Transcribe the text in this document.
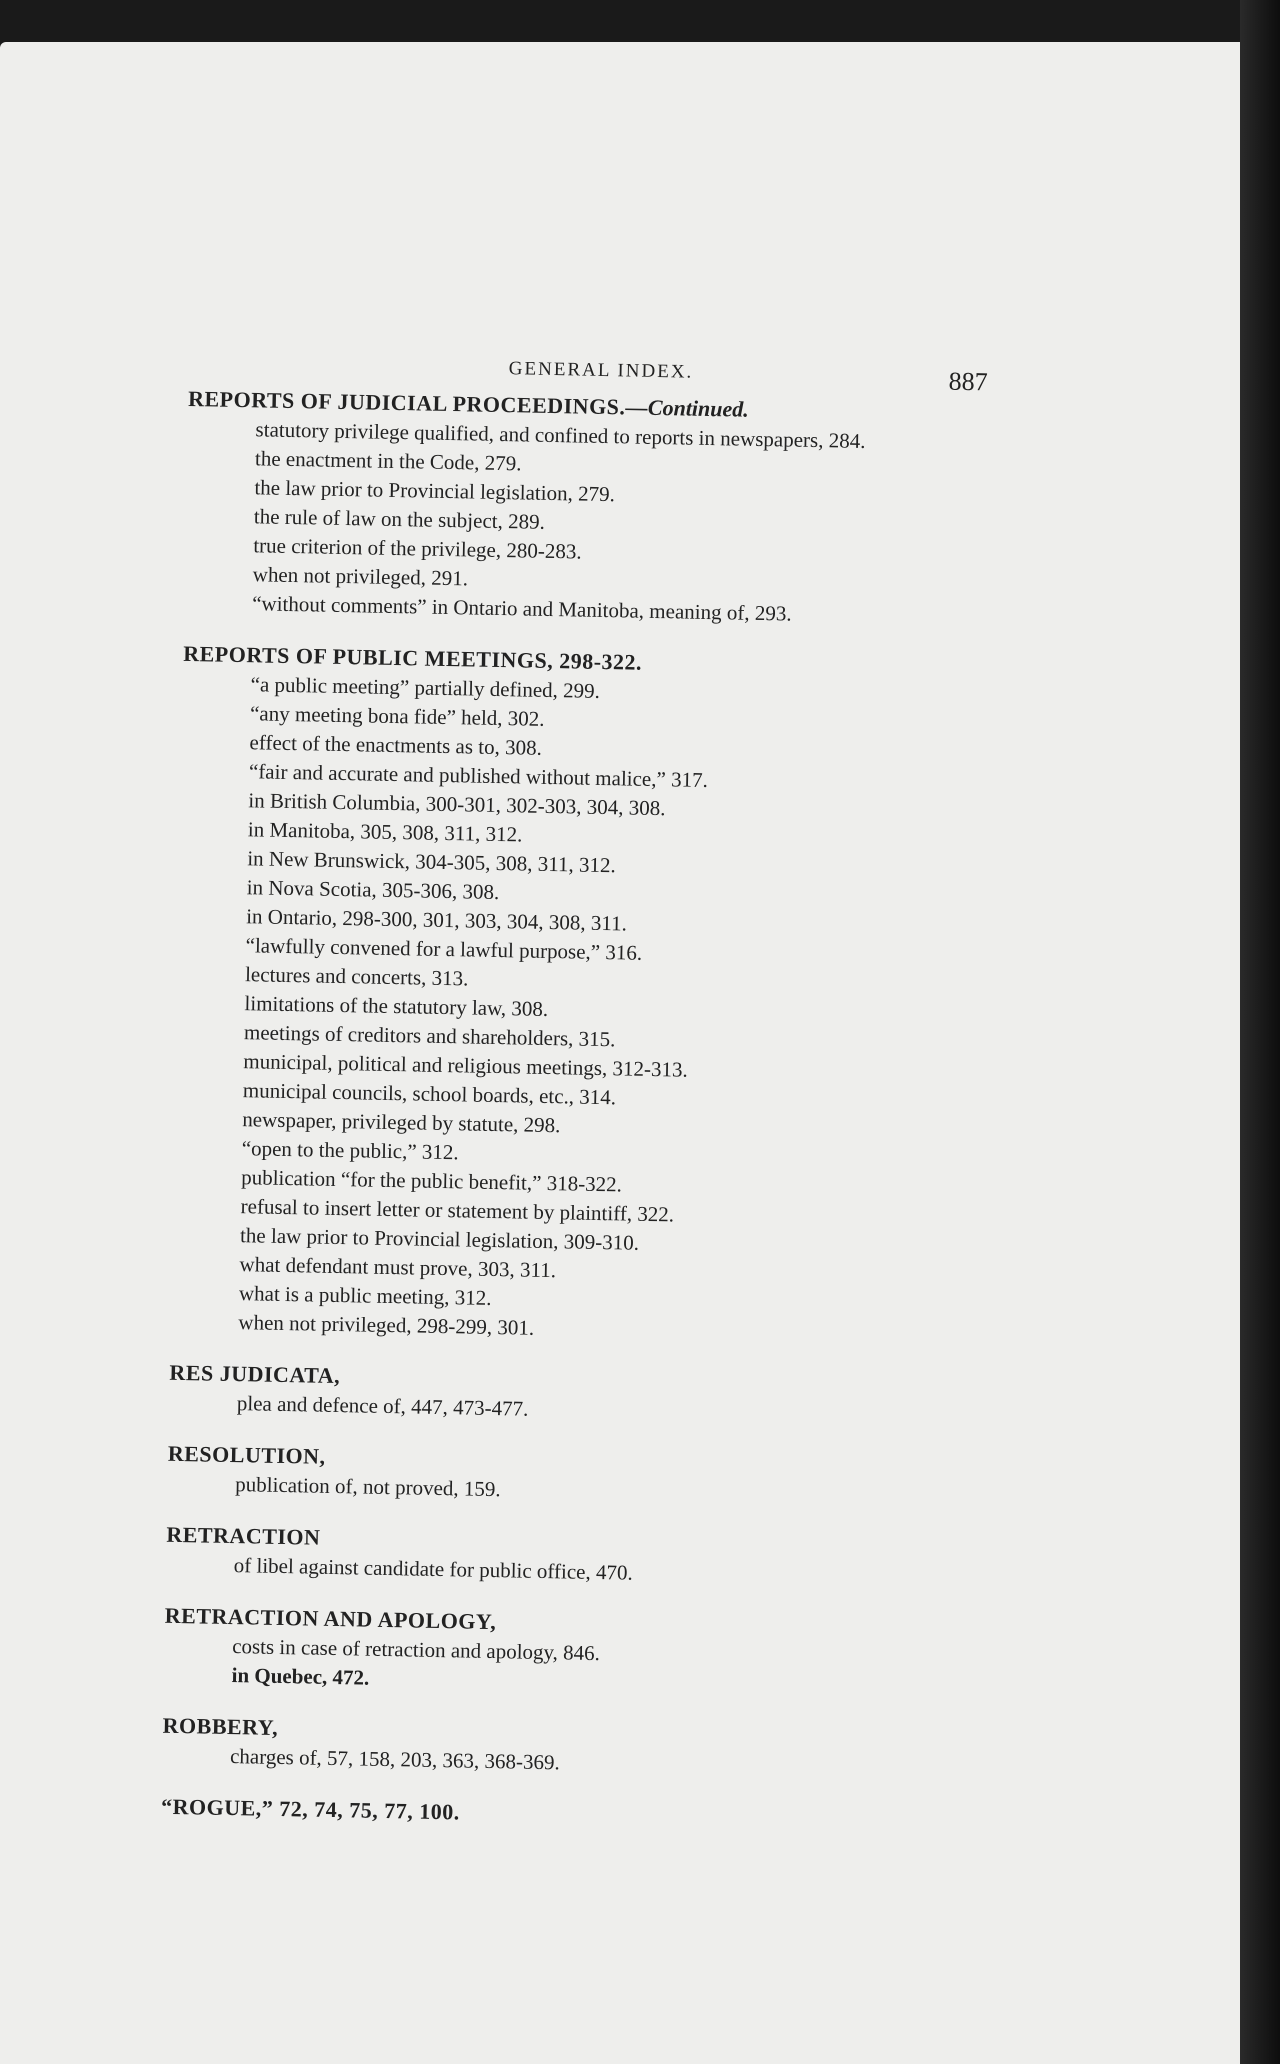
GENERAL INDEX.	887
REPORTS OF JUDICIAL PROCEEDINGS.—Continued.
statutory privilege qualified, and confined to reports in newspapers, 284.
the enactment in the Code, 279.
the law prior to Provincial legislation, 279.
the rule of law on the subject, 289.
true criterion of the privilege, 280-283.
when not privileged, 291.
“without comments” in Ontario and Manitoba, meaning of, 293.
REPORTS OF PUBLIC MEETINGS, 298-322.
“a public meeting” partially defined, 299.
“any meeting bona fide” held, 302.
effect of the enactments as to, 308.
“fair and accurate and published without malice,” 317.
in British Columbia, 300-301, 302-303, 304, 308.
in Manitoba, 305, 308, 311, 312.
in New Brunswick, 304-305, 308, 311, 312.
in Nova Scotia, 305-306, 308.
in Ontario, 298-300, 301, 303, 304, 308, 311.
“lawfully convened for a lawful purpose,” 316.
lectures and concerts, 313.
limitations of the statutory law, 308.
meetings of creditors and shareholders, 315.
municipal, political and religious meetings, 312-313.
municipal councils, school boards, etc., 314.
newspaper, privileged by statute, 298.
“open to the public,” 312.
publication “for the public benefit,” 318-322.
refusal to insert letter or statement by plaintiff, 322.
the law prior to Provincial legislation, 309-310.
what defendant must prove, 303, 311.
what is a public meeting, 312.
when not privileged, 298-299, 301.
RES JUDICATA,
plea and defence of, 447, 473-477.
RESOLUTION,
publication of, not proved, 159.
RETRACTION
of libel against candidate for public office, 470.
RETRACTION AND APOLOGY,
costs in case of retraction and apology, 846.
in Quebec, 472.
ROBBERY,
charges of, 57, 158, 203, 363, 368-369.
“ROGUE,” 72, 74, 75, 77, 100.
